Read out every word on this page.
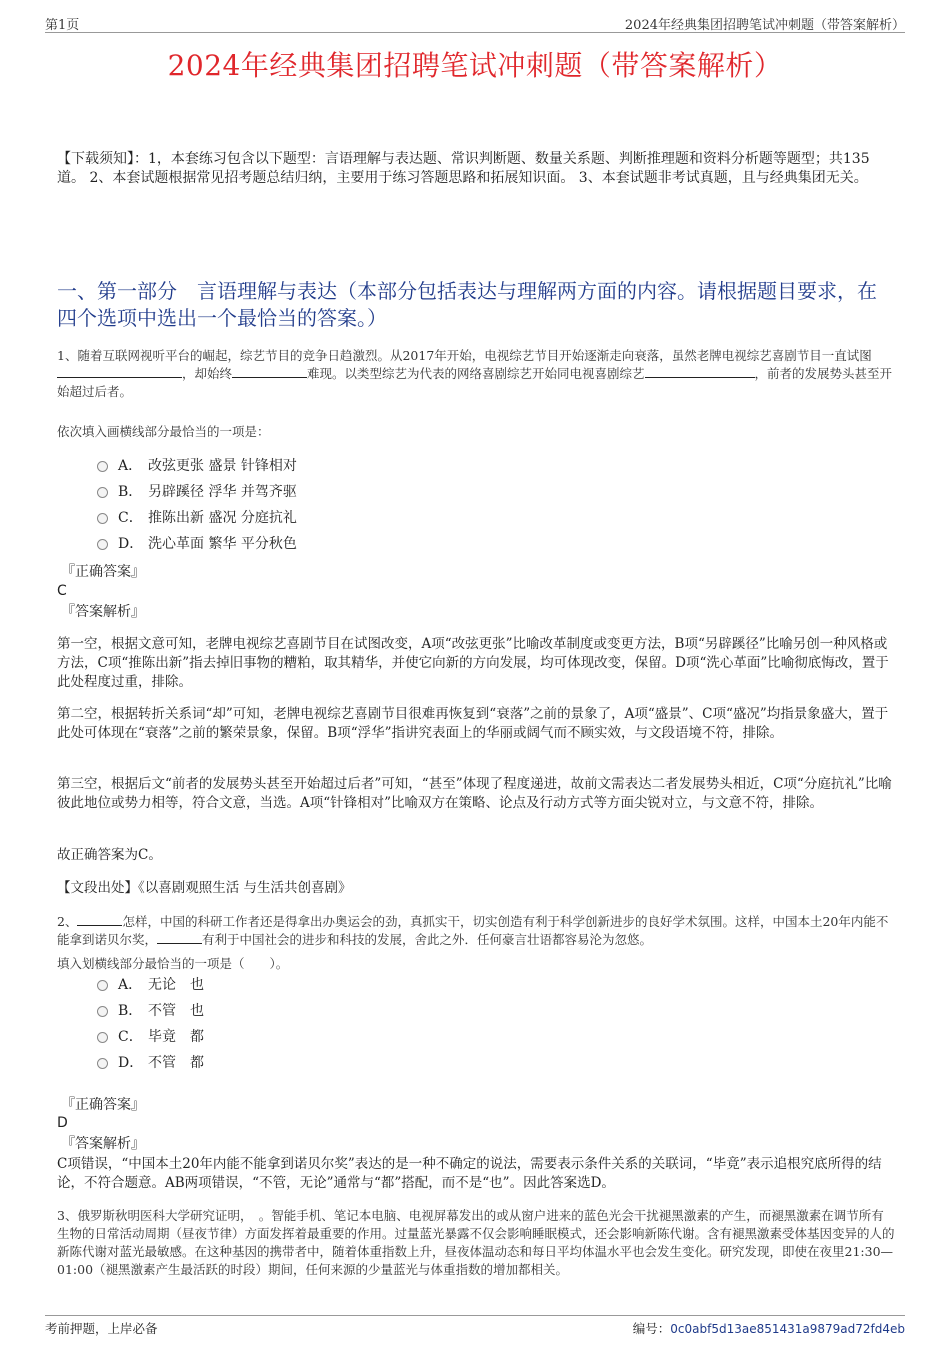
第1页	2024年经典集团招聘笔试冲刺题（带答案解析）
2024年经典集团招聘笔试冲刺题（带答案解析）
【下载须知】：1，本套练习包含以下题型：言语理解与表达题、常识判断题、数量关系题、判断推理题和资料分析题等题型；共135道。 2、本套试题根据常见招考题总结归纳，主要用于练习答题思路和拓展知识面。 3、本套试题非考试真题，且与经典集团无关。
一、第一部分　言语理解与表达（本部分包括表达与理解两方面的内容。请根据题目要求，在四个选项中选出一个最恰当的答案。）
1、随着互联网视听平台的崛起，综艺节目的竞争日趋激烈。从2017年开始，电视综艺节目开始逐渐走向衰落，虽然老牌电视综艺喜剧节目一直试图，却始终	难现。以类型综艺为代表的网络喜剧综艺开始同电视喜剧综艺	，前者的发展势头甚至开始超过后者。
依次填入画横线部分最恰当的一项是：
A． 改弦更张 盛景 针锋相对
B． 另辟蹊径 浮华 并驾齐驱
C． 推陈出新 盛况 分庭抗礼
D． 洗心革面 繁华 平分秋色
『正确答案』
C
『答案解析』
第一空，根据文意可知，老牌电视综艺喜剧节目在试图改变，A项“改弦更张”比喻改革制度或变更方法，B项“另辟蹊径”比喻另创一种风格或方法，C项“推陈出新”指去掉旧事物的糟粕，取其精华，并使它向新的方向发展，均可体现改变，保留。D项“洗心革面”比喻彻底悔改，置于此处程度过重，排除。
第二空，根据转折关系词“却”可知，老牌电视综艺喜剧节目很难再恢复到“衰落”之前的景象了，A项“盛景”、C项“盛况”均指景象盛大，置于此处可体现在“衰落”之前的繁荣景象，保留。B项“浮华”指讲究表面上的华丽或阔气而不顾实效，与文段语境不符，排除。
第三空，根据后文“前者的发展势头甚至开始超过后者”可知，“甚至”体现了程度递进，故前文需表达二者发展势头相近，C项“分庭抗礼”比喻彼此地位或势力相等，符合文意，当选。A项“针锋相对”比喻双方在策略、论点及行动方式等方面尖锐对立，与文意不符，排除。
故正确答案为C。
【文段出处】《以喜剧观照生活 与生活共创喜剧》
2、	怎样，中国的科研工作者还是得拿出办奥运会的劲，真抓实干，切实创造有利于科学创新进步的良好学术氛围。这样，中国本土20年内能不能拿到诺贝尔奖，	有利于中国社会的进步和科技的发展，舍此之外．任何豪言壮语都容易沦为忽悠。
填入划横线部分最恰当的一项是（　　）。
A． 无论　也
B． 不管　也
C． 毕竟　都
D． 不管　都
『正确答案』
D
『答案解析』
C项错误，“中国本土20年内能不能拿到诺贝尔奖”表达的是一种不确定的说法，需要表示条件关系的关联词，“毕竟”表示追根究底所得的结论，不符合题意。AB两项错误，“不管，无论”通常与“都”搭配，而不是“也”。因此答案选D。
3、俄罗斯秋明医科大学研究证明，　。智能手机、笔记本电脑、电视屏幕发出的或从窗户进来的蓝色光会干扰褪黑激素的产生，而褪黑激素在调节所有生物的日常活动周期（昼夜节律）方面发挥着最重要的作用。过量蓝光暴露不仅会影响睡眠模式，还会影响新陈代谢。含有褪黑激素受体基因变异的人的新陈代谢对蓝光最敏感。在这种基因的携带者中，随着体重指数上升，昼夜体温动态和每日平均体温水平也会发生变化。研究发现，即使在夜里21:30—01:00（褪黑激素产生最活跃的时段）期间，任何来源的少量蓝光与体重指数的增加都相关。
考前押题，上岸必备	编号：0c0abf5d13ae851431a9879ad72fd4eb
